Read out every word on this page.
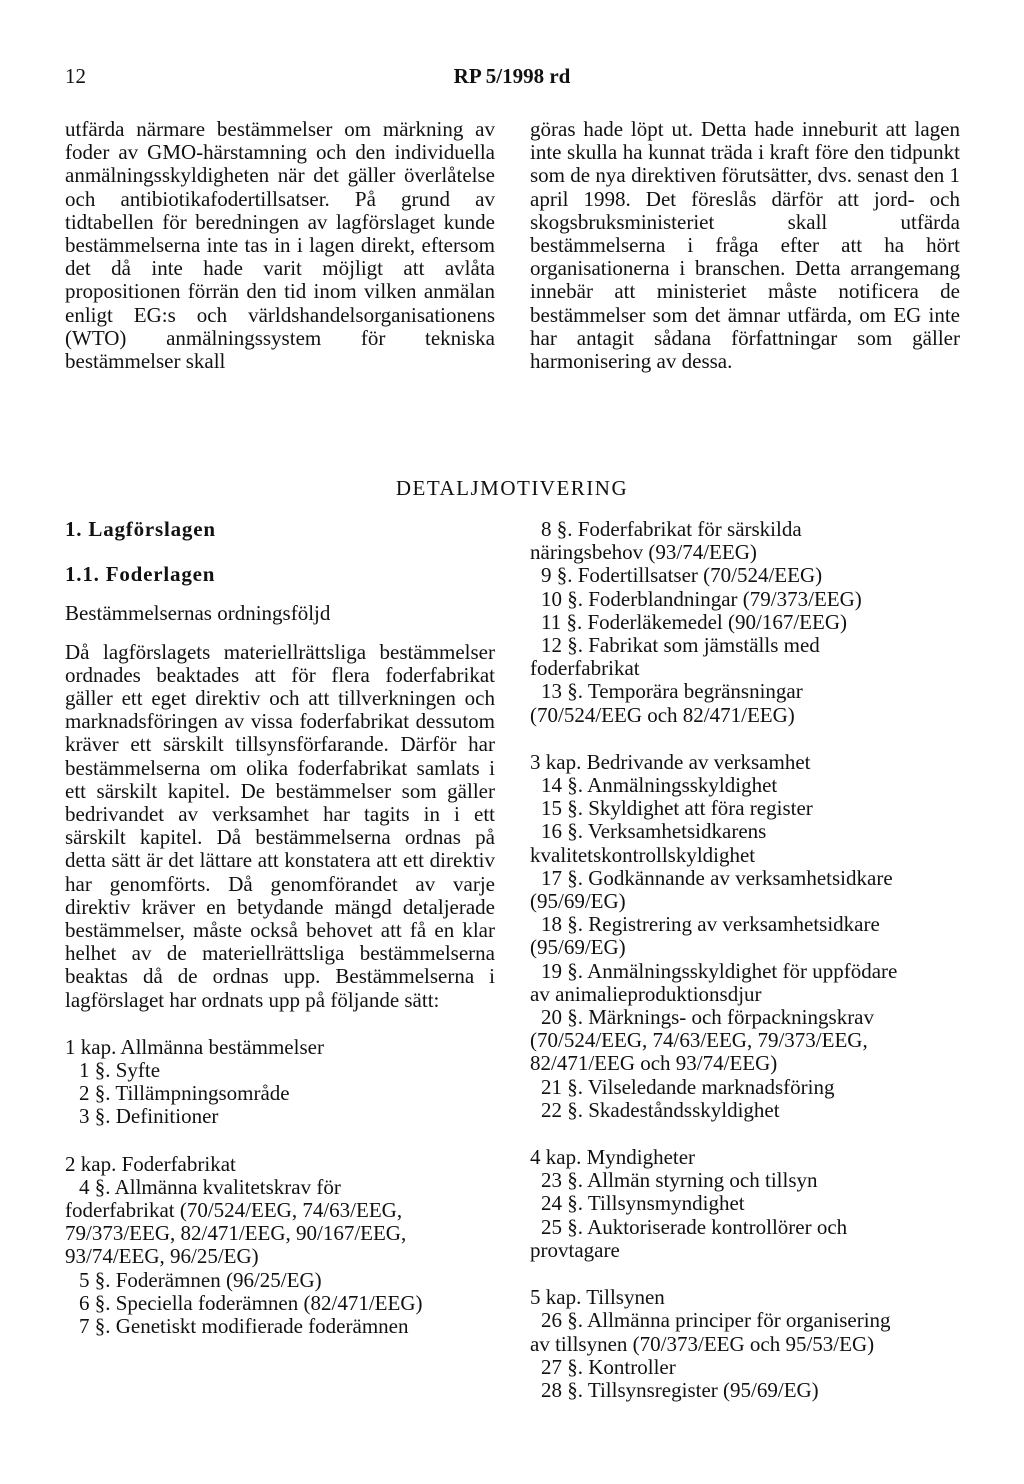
12	RP 5/1998 rd

utfärda närmare bestämmelser om märkning av foder av GMO-härstamning och den individuella anmälningsskyldigheten när det gäller överlåtelse och antibiotikafodertillsatser. På grund av tidtabellen för beredningen av lagförslaget kunde bestämmelserna inte tas in i lagen direkt, eftersom det då inte hade varit möjligt att avlåta propositionen förrän den tid inom vilken anmälan enligt EG:s och världshandelsorganisationens (WTO) anmälningssystem för tekniska bestämmelser skall

göras hade löpt ut. Detta hade inneburit att lagen inte skulla ha kunnat träda i kraft före den tidpunkt som de nya direktiven förutsätter, dvs. senast den 1 april 1998. Det föreslås därför att jord- och skogsbruksministeriet skall utfärda bestämmelserna i fråga efter att ha hört organisationerna i branschen. Detta arrangemang innebär att ministeriet måste notificera de bestämmelser som det ämnar utfärda, om EG inte har antagit sådana författningar som gäller harmonisering av dessa.

DETALJMOTIVERING
1. Lagförslagen
1.1. Foderlagen
Bestämmelsernas ordningsföljd

Då lagförslagets materiellrättsliga bestämmelser ordnades beaktades att för flera foderfabrikat gäller ett eget direktiv och att tillverkningen och marknadsföringen av vissa foderfabrikat dessutom kräver ett särskilt tillsynsförfarande. Därför har bestämmelserna om olika foderfabrikat samlats i ett särskilt kapitel. De bestämmelser som gäller bedrivandet av verksamhet har tagits in i ett särskilt kapitel. Då bestämmelserna ordnas på detta sätt är det lättare att konstatera att ett direktiv har genomförts. Då genomförandet av varje direktiv kräver en betydande mängd detaljerade bestämmelser, måste också behovet att få en klar helhet av de materiellrättsliga bestämmelserna beaktas då de ordnas upp. Bestämmelserna i lagförslaget har ordnats upp på följande sätt:

1 kap. Allmänna bestämmelser
1 §. Syfte
2 §. Tillämpningsområde
3 §. Definitioner
2 kap. Foderfabrikat
4 §. Allmänna kvalitetskrav för
foderfabrikat (70/524/EEG, 74/63/EEG,
79/373/EEG, 82/471/EEG, 90/167/EEG,
93/74/EEG, 96/25/EG)
5 §. Foderämnen (96/25/EG)
6 §. Speciella foderämnen (82/471/EEG)
7 §. Genetiskt modifierade foderämnen
8 §. Foderfabrikat för särskilda
näringsbehov (93/74/EEG)
9 §. Fodertillsatser (70/524/EEG)
10 §. Foderblandningar (79/373/EEG)
11 §. Foderläkemedel (90/167/EEG)
12 §. Fabrikat som jämställs med
foderfabrikat
13 §. Temporära begränsningar
(70/524/EEG och 82/471/EEG)
3 kap. Bedrivande av verksamhet
14 §. Anmälningsskyldighet
15 §. Skyldighet att föra register
16 §. Verksamhetsidkarens
kvalitetskontrollskyldighet
17 §. Godkännande av verksamhetsidkare
(95/69/EG)
18 §. Registrering av verksamhetsidkare
(95/69/EG)
19 §. Anmälningsskyldighet för uppfödare
av animalieproduktionsdjur
20 §. Märknings- och förpackningskrav
(70/524/EEG, 74/63/EEG, 79/373/EEG,
82/471/EEG och 93/74/EEG)
21 §. Vilseledande marknadsföring
22 §. Skadeståndsskyldighet
4 kap. Myndigheter
23 §. Allmän styrning och tillsyn
24 §. Tillsynsmyndighet
25 §. Auktoriserade kontrollörer och
provtagare
5 kap. Tillsynen
26 §. Allmänna principer för organisering
av tillsynen (70/373/EEG och 95/53/EG)
27 §. Kontroller
28 §. Tillsynsregister (95/69/EG)
